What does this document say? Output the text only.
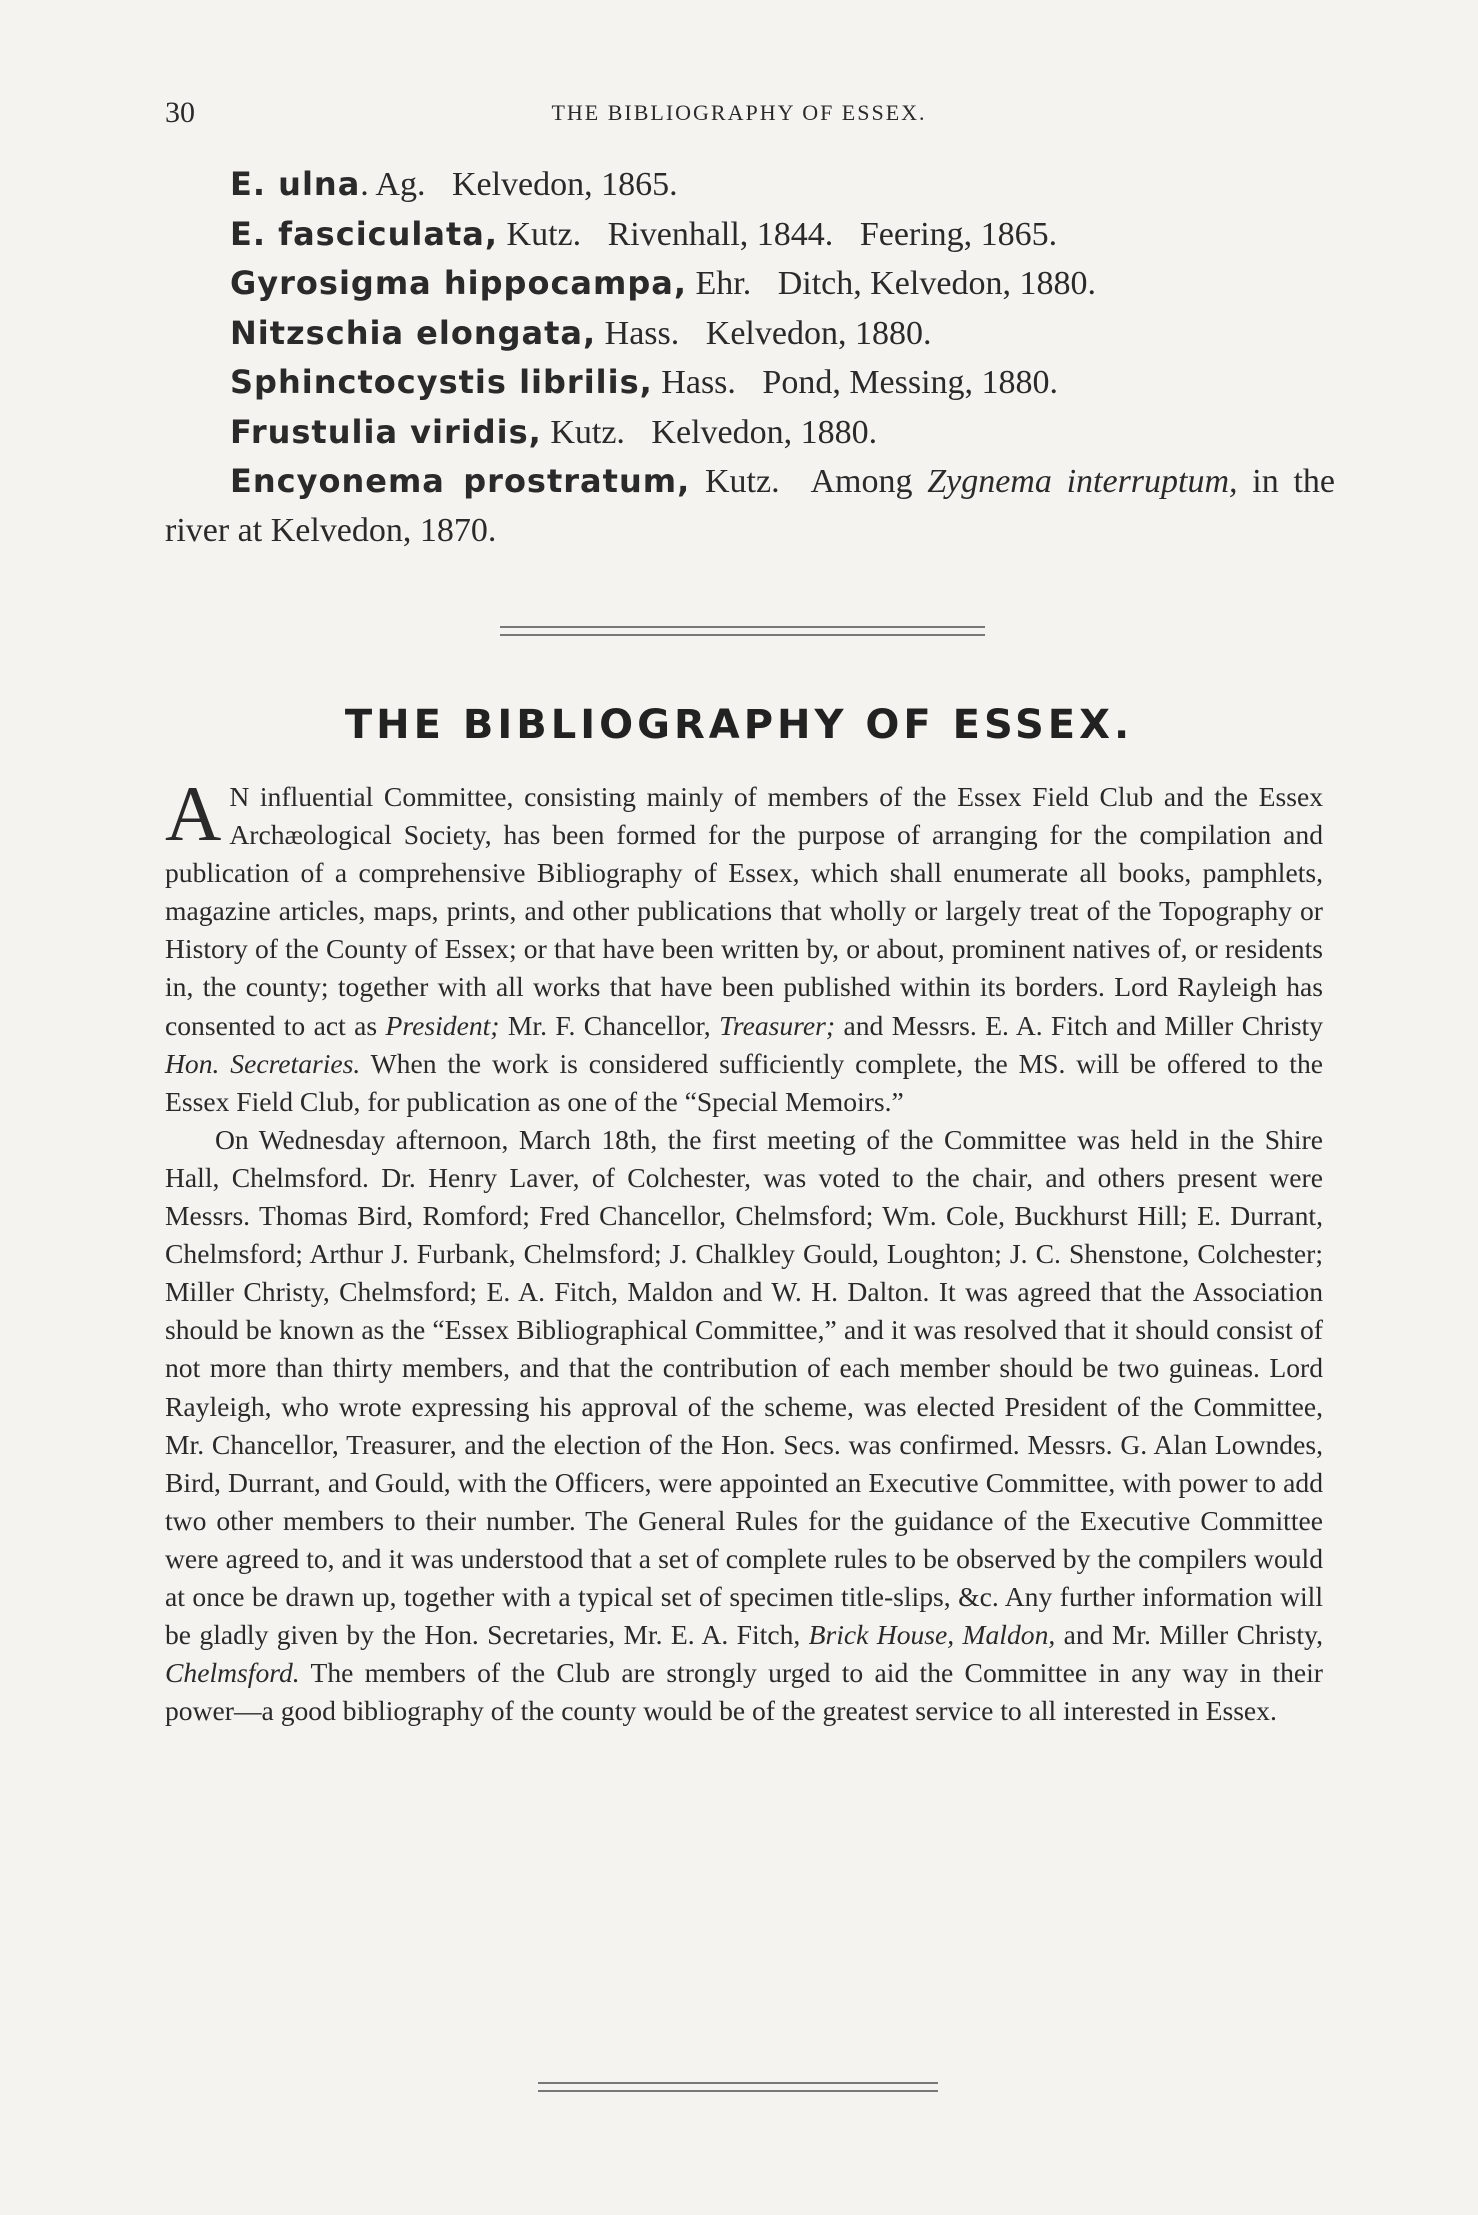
30	THE BIBLIOGRAPHY OF ESSEX.
E. ulna. Ag. Kelvedon, 1865.
E. fasciculata, Kutz. Rivenhall, 1844. Feering, 1865.
Gyrosigma hippocampa, Ehr. Ditch, Kelvedon, 1880.
Nitzschia elongata, Hass. Kelvedon, 1880.
Sphinctocystis librilis, Hass. Pond, Messing, 1880.
Frustulia viridis, Kutz. Kelvedon, 1880.
Encyonema prostratum, Kutz. Among Zygnema interruptum, in the river at Kelvedon, 1870.
THE BIBLIOGRAPHY OF ESSEX.

A N influential Committee, consisting mainly of members of the Essex Field Club and the Essex Archæological Society, has been formed for the purpose of arranging for the compilation and publication of a comprehensive Bibliography of Essex, which shall enumerate all books, pamphlets, magazine articles, maps, prints, and other publications that wholly or largely treat of the Topography or History of the County of Essex; or that have been written by, or about, prominent natives of, or residents in, the county; together with all works that have been published within its borders. Lord Rayleigh has consented to act as President; Mr. F. Chancellor, Treasurer; and Messrs. E. A. Fitch and Miller Christy Hon. Secretaries. When the work is considered sufficiently complete, the MS. will be offered to the Essex Field Club, for publication as one of the “Special Memoirs.”

On Wednesday afternoon, March 18th, the first meeting of the Committee was held in the Shire Hall, Chelmsford. Dr. Henry Laver, of Colchester, was voted to the chair, and others present were Messrs. Thomas Bird, Romford; Fred Chancellor, Chelmsford; Wm. Cole, Buckhurst Hill; E. Durrant, Chelmsford; Arthur J. Furbank, Chelmsford; J. Chalkley Gould, Loughton; J. C. Shenstone, Colchester; Miller Christy, Chelmsford; E. A. Fitch, Maldon and W. H. Dalton. It was agreed that the Association should be known as the “Essex Bibliographical Committee,” and it was resolved that it should consist of not more than thirty members, and that the contribution of each member should be two guineas. Lord Rayleigh, who wrote expressing his approval of the scheme, was elected President of the Committee, Mr. Chancellor, Treasurer, and the election of the Hon. Secs. was confirmed. Messrs. G. Alan Lowndes, Bird, Durrant, and Gould, with the Officers, were appointed an Executive Committee, with power to add two other members to their number. The General Rules for the guidance of the Executive Committee were agreed to, and it was understood that a set of complete rules to be observed by the compilers would at once be drawn up, together with a typical set of specimen title-slips, &c. Any further information will be gladly given by the Hon. Secretaries, Mr. E. A. Fitch, Brick House, Maldon, and Mr. Miller Christy, Chelmsford. The members of the Club are strongly urged to aid the Committee in any way in their power—a good bibliography of the county would be of the greatest service to all interested in Essex.
